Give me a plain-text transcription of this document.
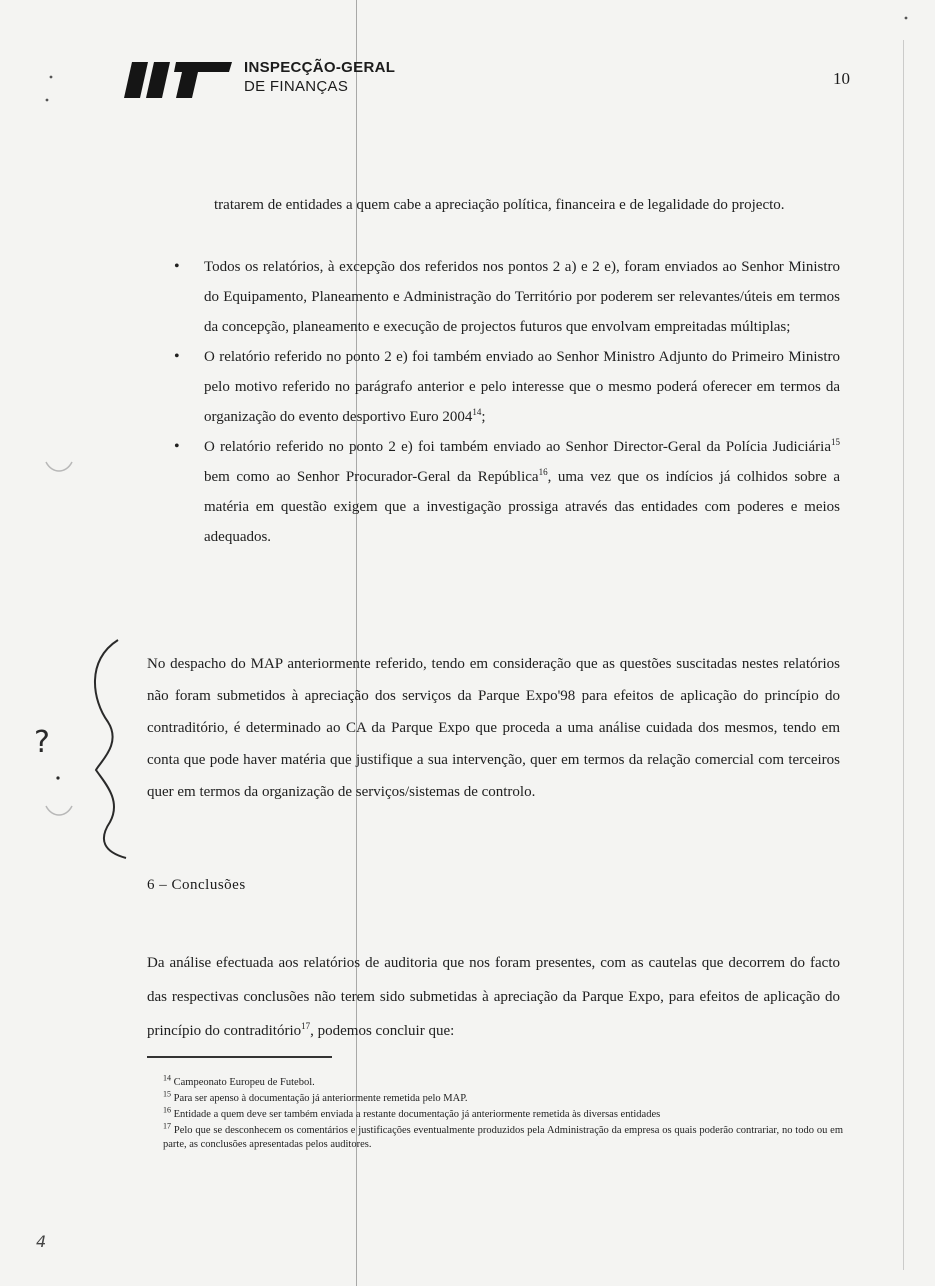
INSPECÇÃO-GERAL
DE FINANÇAS	10
tratarem de entidades a quem cabe a apreciação política, financeira e de legalidade do projecto.
• Todos os relatórios, à excepção dos referidos nos pontos 2 a) e 2 e), foram enviados ao Senhor Ministro do Equipamento, Planeamento e Administração do Território por poderem ser relevantes/úteis em termos da concepção, planeamento e execução de projectos futuros que envolvam empreitadas múltiplas;
• O relatório referido no ponto 2 e) foi também enviado ao Senhor Ministro Adjunto do Primeiro Ministro pelo motivo referido no parágrafo anterior e pelo interesse que o mesmo poderá oferecer em termos da organização do evento desportivo Euro 2004$^{14}$;
• O relatório referido no ponto 2 e) foi também enviado ao Senhor Director-Geral da Polícia Judiciária$^{15}$ bem como ao Senhor Procurador-Geral da República$^{16}$, uma vez que os indícios já colhidos sobre a matéria em questão exigem que a investigação prossiga através das entidades com poderes e meios adequados.
No despacho do MAP anteriormente referido, tendo em consideração que as questões suscitadas nestes relatórios não foram submetidos à apreciação dos serviços da Parque Expo'98 para efeitos de aplicação do princípio do contraditório, é determinado ao CA da Parque Expo que proceda a uma análise cuidada dos mesmos, tendo em conta que pode haver matéria que justifique a sua intervenção, quer em termos da relação comercial com terceiros quer em termos da organização de serviços/sistemas de controlo.
6 – Conclusões
Da análise efectuada aos relatórios de auditoria que nos foram presentes, com as cautelas que decorrem do facto das respectivas conclusões não terem sido submetidas à apreciação da Parque Expo, para efeitos de aplicação do princípio do contraditório$^{17}$, podemos concluir que:

$^{14}$ Campeonato Europeu de Futebol.

$^{15}$ Para ser apenso à documentação já anteriormente remetida pelo MAP.

$^{16}$ Entidade a quem deve ser também enviada a restante documentação já anteriormente remetida às diversas entidades

$^{17}$ Pelo que se desconhecem os comentários e justificações eventualmente produzidos pela Administração da empresa os quais poderão contrariar, no todo ou em parte, as conclusões apresentadas pelos auditores.

?
4
